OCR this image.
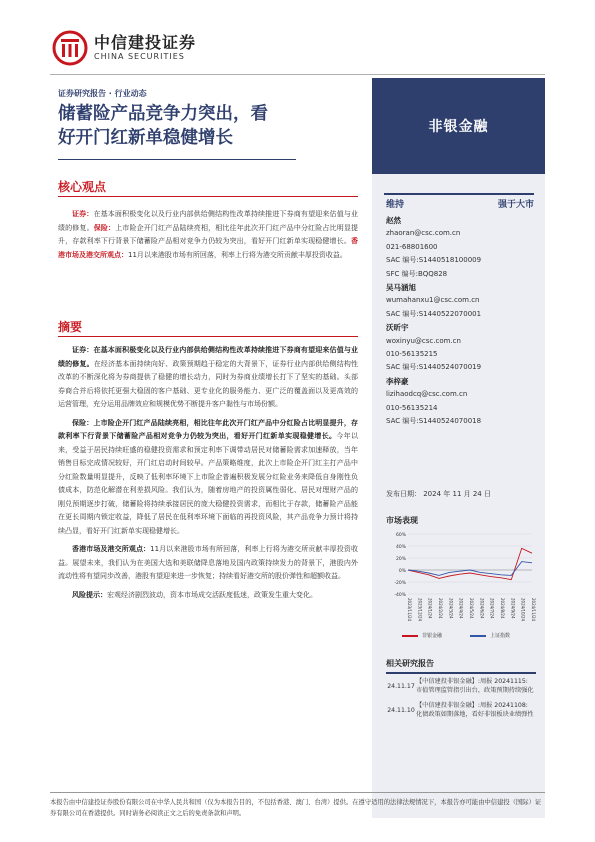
中信建投证券
CHINA SECURITIES
非银金融
证券研究报告 · 行业动态
储蓄险产品竞争力突出，看
好开门红新单稳健增长
核心观点

证券：在基本面积极变化以及行业内部供给侧结构性改革持续推进下券商有望迎来估值与业绩的修复。保险：上市险企开门红产品陆续亮相，相比往年此次开门红产品中分红险占比明显提升，存款利率下行背景下储蓄险产品相对竞争力仍较为突出，看好开门红新单实现稳健增长。香港市场及港交所观点：11月以来港股市场有所回落，利率上行将为港交所贡献丰厚投资收益。

摘要

证券：在基本面积极变化以及行业内部供给侧结构性改革持续推进下券商有望迎来估值与业绩的修复。在经济基本面持续向好、政策预期趋于稳定的大背景下，证券行业内部供给侧结构性改革的不断深化将为券商提供了稳健的增长动力，同时为券商业绩增长打下了坚实的基础。头部券商合并后将依托更强大稳固的客户基础、更专业化的服务能力、更广泛的覆盖面以及更高效的运营管理，充分运用品牌效应和规模优势不断提升客户黏性与市场份额。

保险：上市险企开门红产品陆续亮相，相比往年此次开门红产品中分红险占比明显提升，存款利率下行背景下储蓄险产品相对竞争力仍较为突出，看好开门红新单实现稳健增长。今年以来，受益于居民持续旺盛的稳健投资需求和预定利率下调带动居民对储蓄险需求加速释放，当年销售目标完成情况较好，开门红启动时间较早。产品策略维度，此次上市险企开门红主打产品中分红险数量明显提升，反映了低利率环境下上市险企普遍积极发展分红险业务来降低自身刚性负债成本，防范化解潜在利差损风险。我们认为，随着房地产的投资属性弱化、居民对理财产品的刚兑预期逐步打破，储蓄险将持续承接居民的庞大稳健投资需求，而相比于存款，储蓄险产品能在更长周期内锁定收益，降低了居民在低利率环境下面临的再投资风险，其产品竞争力预计将持续凸显，看好开门红新单实现稳健增长。

香港市场及港交所观点：11月以来港股市场有所回落，利率上行将为港交所贡献丰厚投资收益。展望未来，我们认为在美国大选和美联储降息落地及国内政策持续发力的背景下，港股内外流动性将有望同步改善，港股有望迎来进一步恢复；持续看好港交所的股价弹性和超额收益。

风险提示：宏观经济剧烈波动，资本市场成交活跃度低迷，政策发生重大变化。

维持	强于大市
赵然
zhaoran@csc.com.cn
021-68801600
SAC 编号:S1440518100009
SFC 编号:BQQ828
吴马涵旭
wumahanxu1@csc.com.cn
SAC 编号:S1440522070001
沃昕宇
woxinyu@csc.com.cn
010-56135215
SAC 编号:S1440524070019
李梓豪
lizihaodcq@csc.com.cn
010-56135214
SAC 编号:S1440524070018
发布日期： 2024 年 11 月 24 日
市场表现
60%
40%
20%
0%
-20%
-40%
2023/11/24 2023/12/24 2024/1/24 2024/2/24 2024/3/24 2024/4/24 2024/5/24 2024/6/24 2024/7/24 2024/8/24 2024/9/24 2024/10/24 2024/11/24
非银金融	上证指数
相关研究报告
24.11.17
【中信建投非银金融】:周报 20241115: 市值管理监管指引出台，政策预期持续强化
24.11.10
【中信建投非银金融】:周报 20241108: 化债政策如期落地，看好非银板块业绩弹性
本报告由中信建投证券股份有限公司在中华人民共和国（仅为本报告目的，不包括香港、澳门、台湾）提供。在遵守适用的法律法规情况下，本报告亦可能由中信建投（国际）证券有限公司在香港提供。同时请务必阅读正文之后的免责条款和声明。
